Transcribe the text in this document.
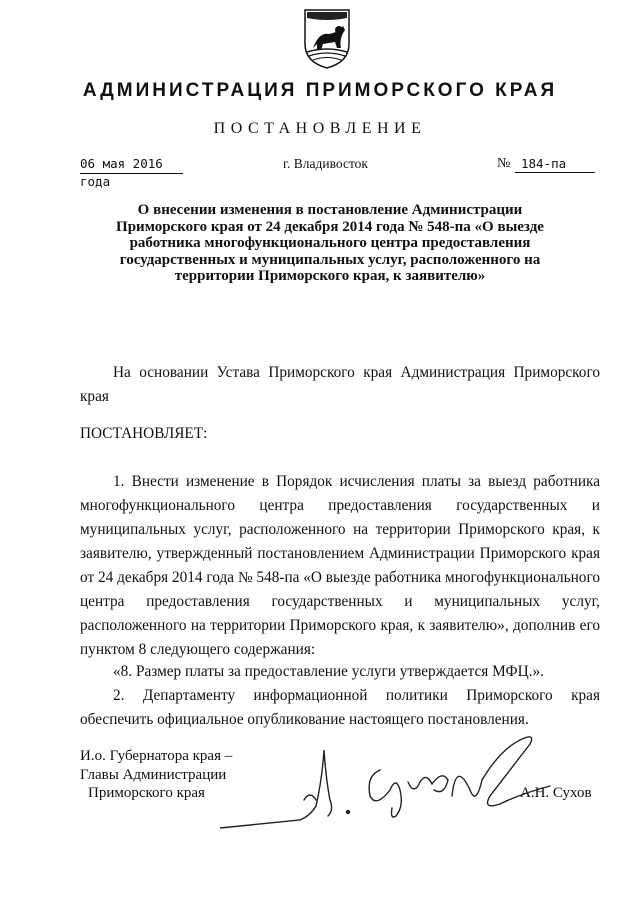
АДМИНИСТРАЦИЯ ПРИМОРСКОГО КРАЯ
ПОСТАНОВЛЕНИЕ
06 мая 2016 года
г. Владивосток	№ 184-па
О внесении изменения в постановление Администрации Приморского края от 24 декабря 2014 года № 548-па «О выезде работника многофункционального центра предоставления государственных и муниципальных услуг, расположенного на территории Приморского края, к заявителю»
На основании Устава Приморского края Администрация Приморского края
ПОСТАНОВЛЯЕТ:
1. Внести изменение в Порядок исчисления платы за выезд работника многофункционального центра предоставления государственных и муниципальных услуг, расположенного на территории Приморского края, к заявителю, утвержденный постановлением Администрации Приморского края от 24 декабря 2014 года № 548-па «О выезде работника многофункционального центра предоставления государственных и муниципальных услуг, расположенного на территории Приморского края, к заявителю», дополнив его пунктом 8 следующего содержания:
«8. Размер платы за предоставление услуги утверждается МФЦ.».
2. Департаменту информационной политики Приморского края обеспечить официальное опубликование настоящего постановления.
И.о. Губернатора края –
Главы Администрации
Приморского края	А.Н. Сухов
